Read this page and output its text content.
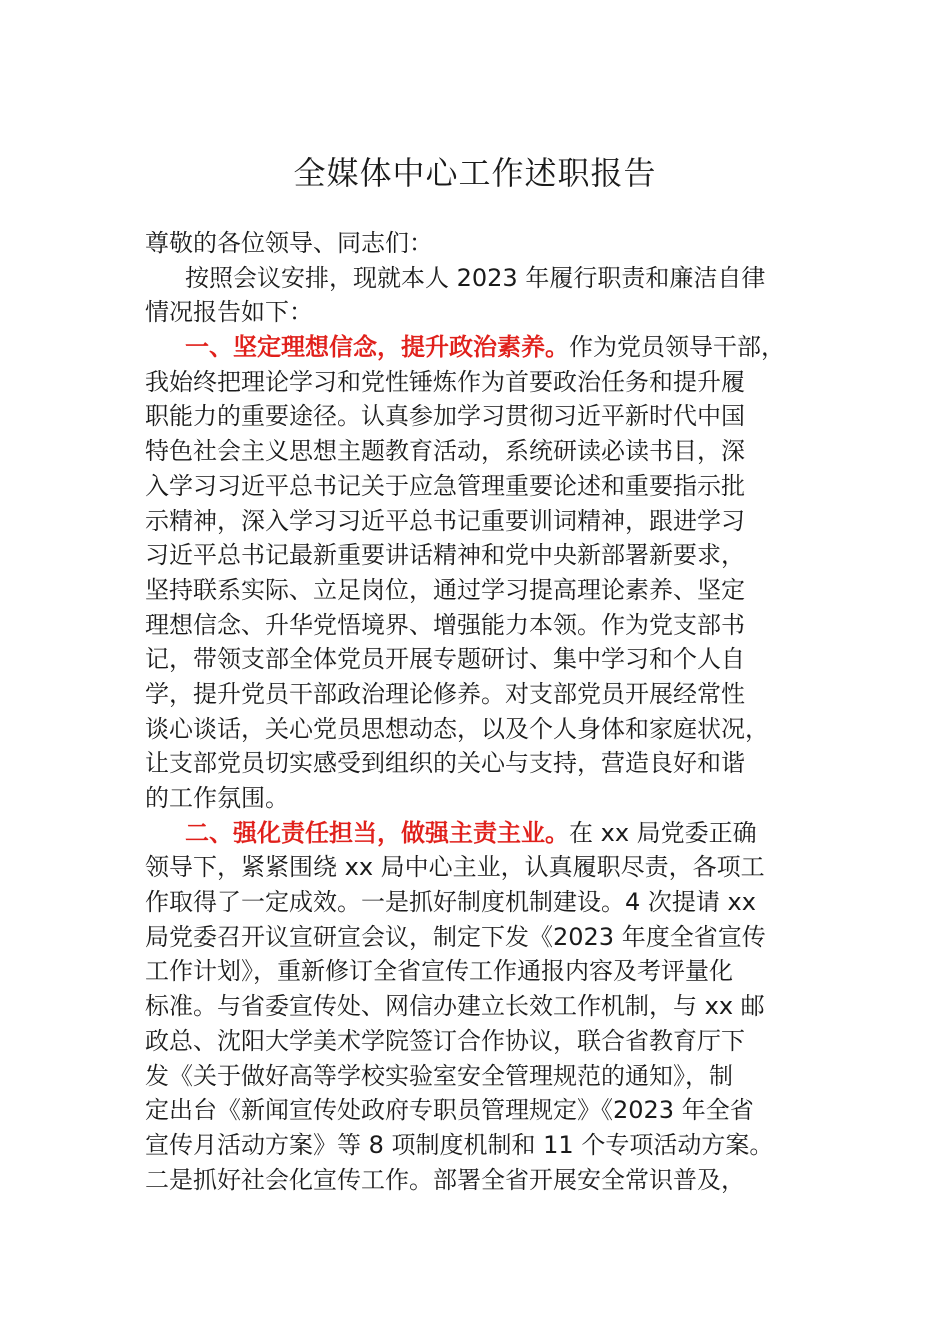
全媒体中心工作述职报告
尊敬的各位领导、同志们：
按照会议安排，现就本人 2023 年履行职责和廉洁自律
情况报告如下：
一、坚定理想信念，提升政治素养。作为党员领导干部，
我始终把理论学习和党性锤炼作为首要政治任务和提升履
职能力的重要途径。认真参加学习贯彻习近平新时代中国
特色社会主义思想主题教育活动，系统研读必读书目，深
入学习习近平总书记关于应急管理重要论述和重要指示批
示精神，深入学习习近平总书记重要训词精神，跟进学习
习近平总书记最新重要讲话精神和党中央新部署新要求，
坚持联系实际、立足岗位，通过学习提高理论素养、坚定
理想信念、升华党悟境界、增强能力本领。作为党支部书
记，带领支部全体党员开展专题研讨、集中学习和个人自
学，提升党员干部政治理论修养。对支部党员开展经常性
谈心谈话，关心党员思想动态，以及个人身体和家庭状况，
让支部党员切实感受到组织的关心与支持，营造良好和谐
的工作氛围。
二、强化责任担当，做强主责主业。在 xx 局党委正确
领导下，紧紧围绕 xx 局中心主业，认真履职尽责，各项工
作取得了一定成效。一是抓好制度机制建设。4 次提请 xx
局党委召开议宣研宣会议，制定下发《2023 年度全省宣传
工作计划》，重新修订全省宣传工作通报内容及考评量化
标准。与省委宣传处、网信办建立长效工作机制，与 xx 邮
政总、沈阳大学美术学院签订合作协议，联合省教育厅下
发《关于做好高等学校实验室安全管理规范的通知》，制
定出台《新闻宣传处政府专职员管理规定》《2023 年全省
宣传月活动方案》等 8 项制度机制和 11 个专项活动方案。
二是抓好社会化宣传工作。部署全省开展安全常识普及，
